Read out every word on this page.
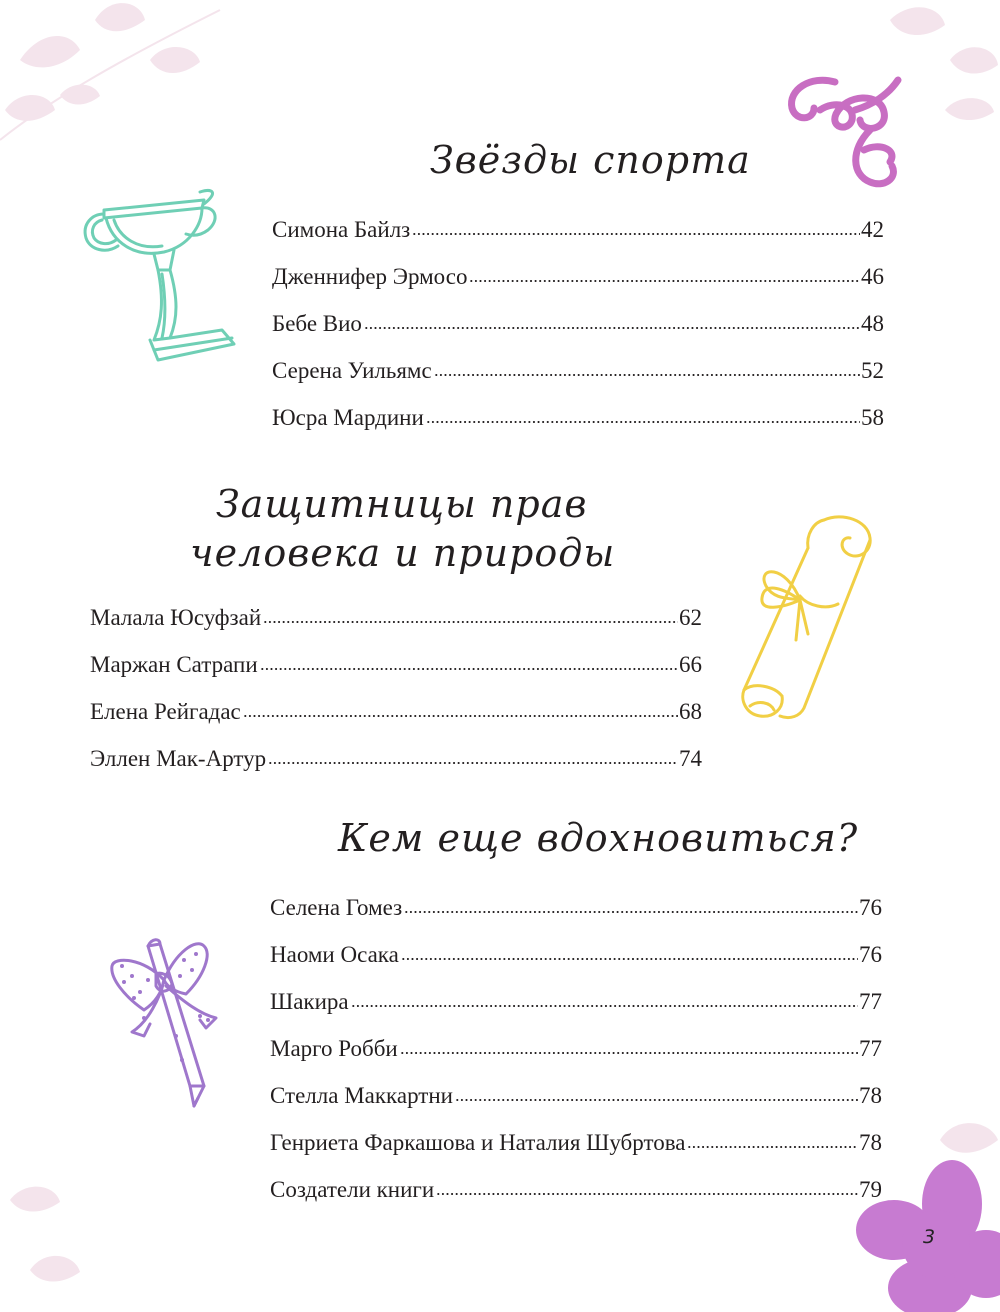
3
Звёзды спорта
Симона Байлз	42
Дженнифер Эрмосо	46
Бебе Вио	48
Серена Уильямс	52
Юсра Мардини	58
Защитницы прав
человека и природы
Малала Юсуфзай	62
Маржан Сатрапи	66
Елена Рейгадас	68
Эллен Мак-Артур	74
Кем еще вдохновиться?
Селена Гомез	76
Наоми Осака	76
Шакира	77
Марго Робби	77
Стелла Маккартни	78
Генриета Фаркашова и Наталия Шубртова	78
Создатели книги	79
